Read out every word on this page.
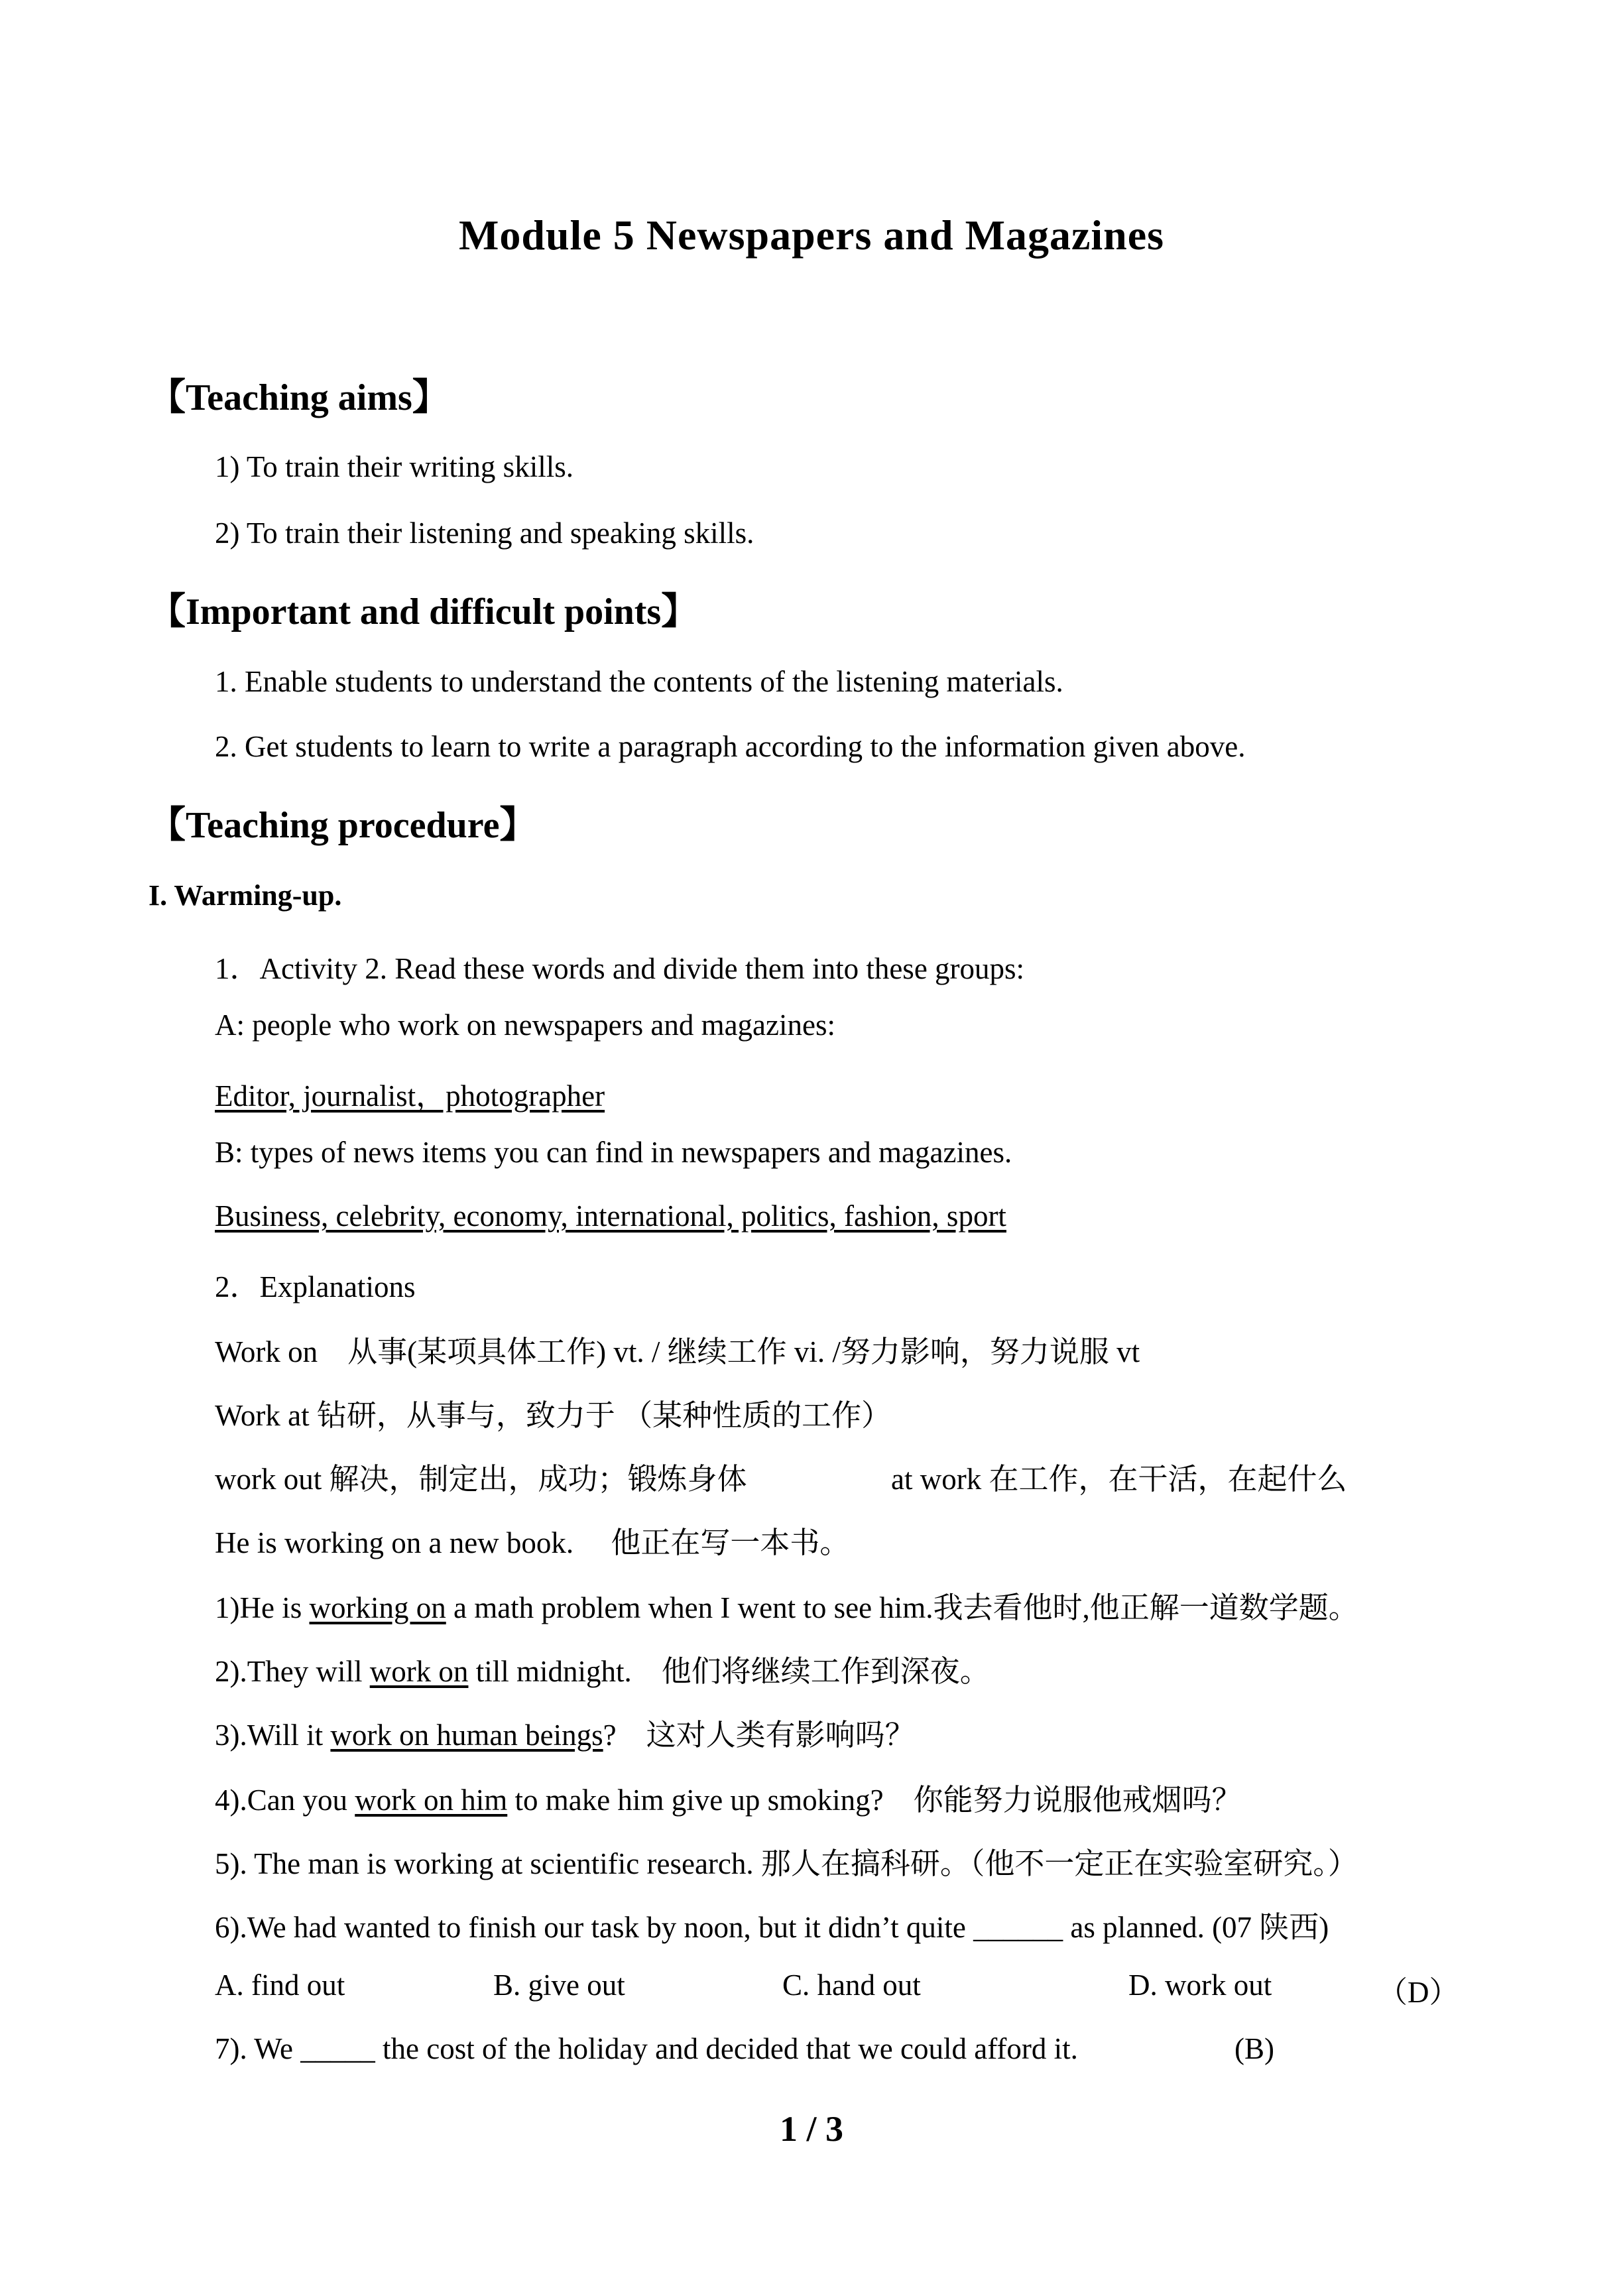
Module 5 Newspapers and Magazines
【Teaching aims】
1) To train their writing skills.
2) To train their listening and speaking skills.
【Important and difficult points】
1. Enable students to understand the contents of the listening materials.
2. Get students to learn to write a paragraph according to the information given above.
【Teaching procedure】
I. Warming-up.
1．Activity 2. Read these words and divide them into these groups:
A: people who work on newspapers and magazines:
Editor, journalist，photographer
B: types of news items you can find in newspapers and magazines.
Business, celebrity, economy, international, politics, fashion, sport
2．Explanations
Work on　从事(某项具体工作) vt. / 继续工作 vi. /努力影响，努力说服 vt
Work at 钻研，从事与，致力于 （某种性质的工作）
work out 解决，制定出，成功；锻炼身体	at work 在工作，在干活，在起什么
He is working on a new book.　 他正在写一本书。
1)He is working on a math problem when I went to see him.我去看他时,他正解一道数学题。
2).They will work on till midnight.　他们将继续工作到深夜。
3).Will it work on human beings?　这对人类有影响吗？
4).Can you work on him to make him give up smoking?　你能努力说服他戒烟吗？
5). The man is working at scientific research. 那人在搞科研。（他不一定正在实验室研究。）
6).We had wanted to finish our task by noon, but it didn’t quite ______ as planned. (07 陕西)
A. find out	B. give out	C. hand out	D. work out	（D）
7). We _____ the cost of the holiday and decided that we could afford it.	(B)
1 / 3
